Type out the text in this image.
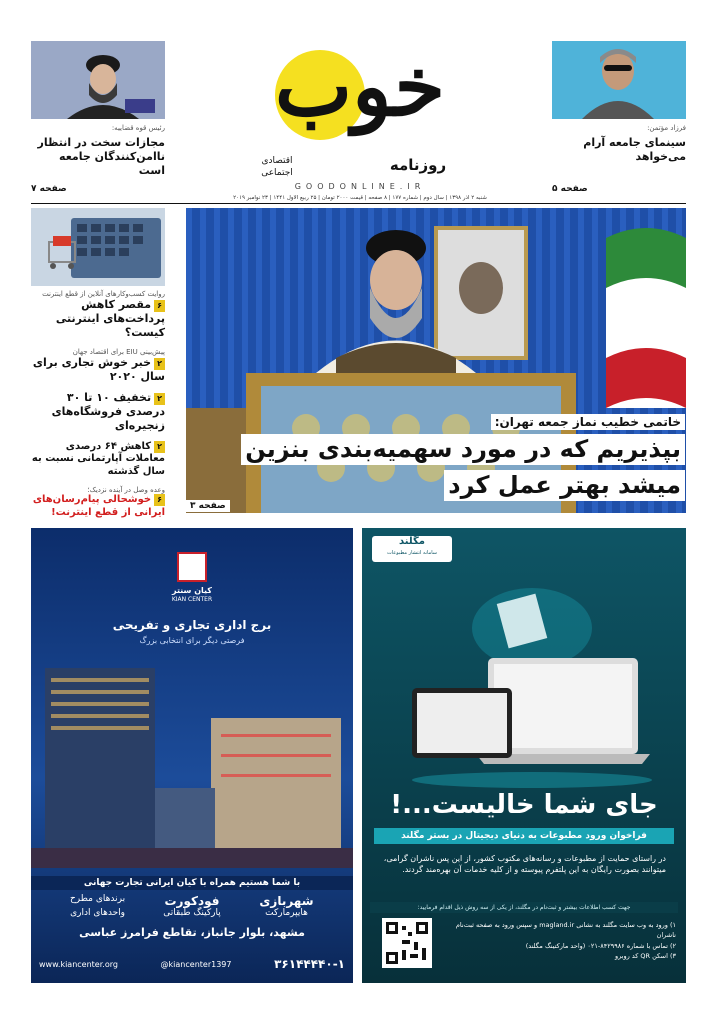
رئیس قوه قضاییه:
مجازات سخت در انتظار ناامن‌کنندگان جامعه است
صفحه ۷
فرزاد مؤتمن:
سینمای جامعه آرام می‌خواهد
صفحه ۵
خوب
روزنامه
اقتصادی
اجتماعی
GOODONLINE.IR
شنبه ۲ آذر ۱۳۹۸ | سال دوم | شماره ۱۷۷ | ۸ صفحه | قیمت ۲۰۰۰ تومان | ۲۵ ربیع الاول ۱۴۴۱ | ۲۳ نوامبر ۲۰۱۹
روایت کسب‌وکارهای آنلاین از قطع اینترنت
۶مقصر کاهش پرداخت‌های اینترنتی کیست؟
پیش‌بینی EIU برای اقتصاد جهان
۲خبر خوش تجاری برای سال ۲۰۲۰
۲تخفیف ۱۰ تا ۳۰ درصدی فروشگاه‌های زنجیره‌ای
۲کاهش ۶۴ درصدی معاملات آپارتمانی نسبت به سال گذشته
وعده وصل در آینده نزدیک؛
۶خوشحالی پیام‌رسان‌های ایرانی از قطع اینترنت!
خاتمی خطیب نماز جمعه تهران:
بپذیریم که در مورد سهمیه‌بندی بنزین
میشد بهتر عمل کرد
صفحه ۳
کیان سنتر
KIAN CENTER
برج اداری تجاری و تفریحی
فرصتی دیگر برای انتخابی بزرگ
با شما هستیم همراه با کیان ایرانی تجارت جهانی
شهربازی
فودکورت
برندهای مطرح
هایپرمارکت
پارکینگ طبقاتی
واحدهای اداری
مشهد، بلوار جانباز، تقاطع فرامرز عباسی
www.kiancenter.org	@kiancenter1397	۳۶۱۴۴۴۴۰-۱
مگلند
سامانه انتشار مطبوعات
جای شما خالیست...!
فراخوان ورود مطبوعات به دنیای دیجیتال در بستر مگلند
در راستای حمایت از مطبوعات و رسانه‌های مکتوب کشور، از این پس ناشران گرامی، میتوانند بصورت رایگان به این پلتفرم پیوسته و از کلیه خدمات آن بهره‌مند گردند.
جهت کسب اطلاعات بیشتر و ثبت‌نام در مگلند، از یکی از سه روش ذیل اقدام فرمایید:
۱) ورود به وب سایت مگلند به نشانی magland.ir و سپس ورود به صفحه ثبت‌نام ناشران
۲) تماس با شماره ۸۴۲۹۹۸۶-۰۲۱ (واحد مارکتینگ مگلند)
۳) اسکن QR کد روبرو
